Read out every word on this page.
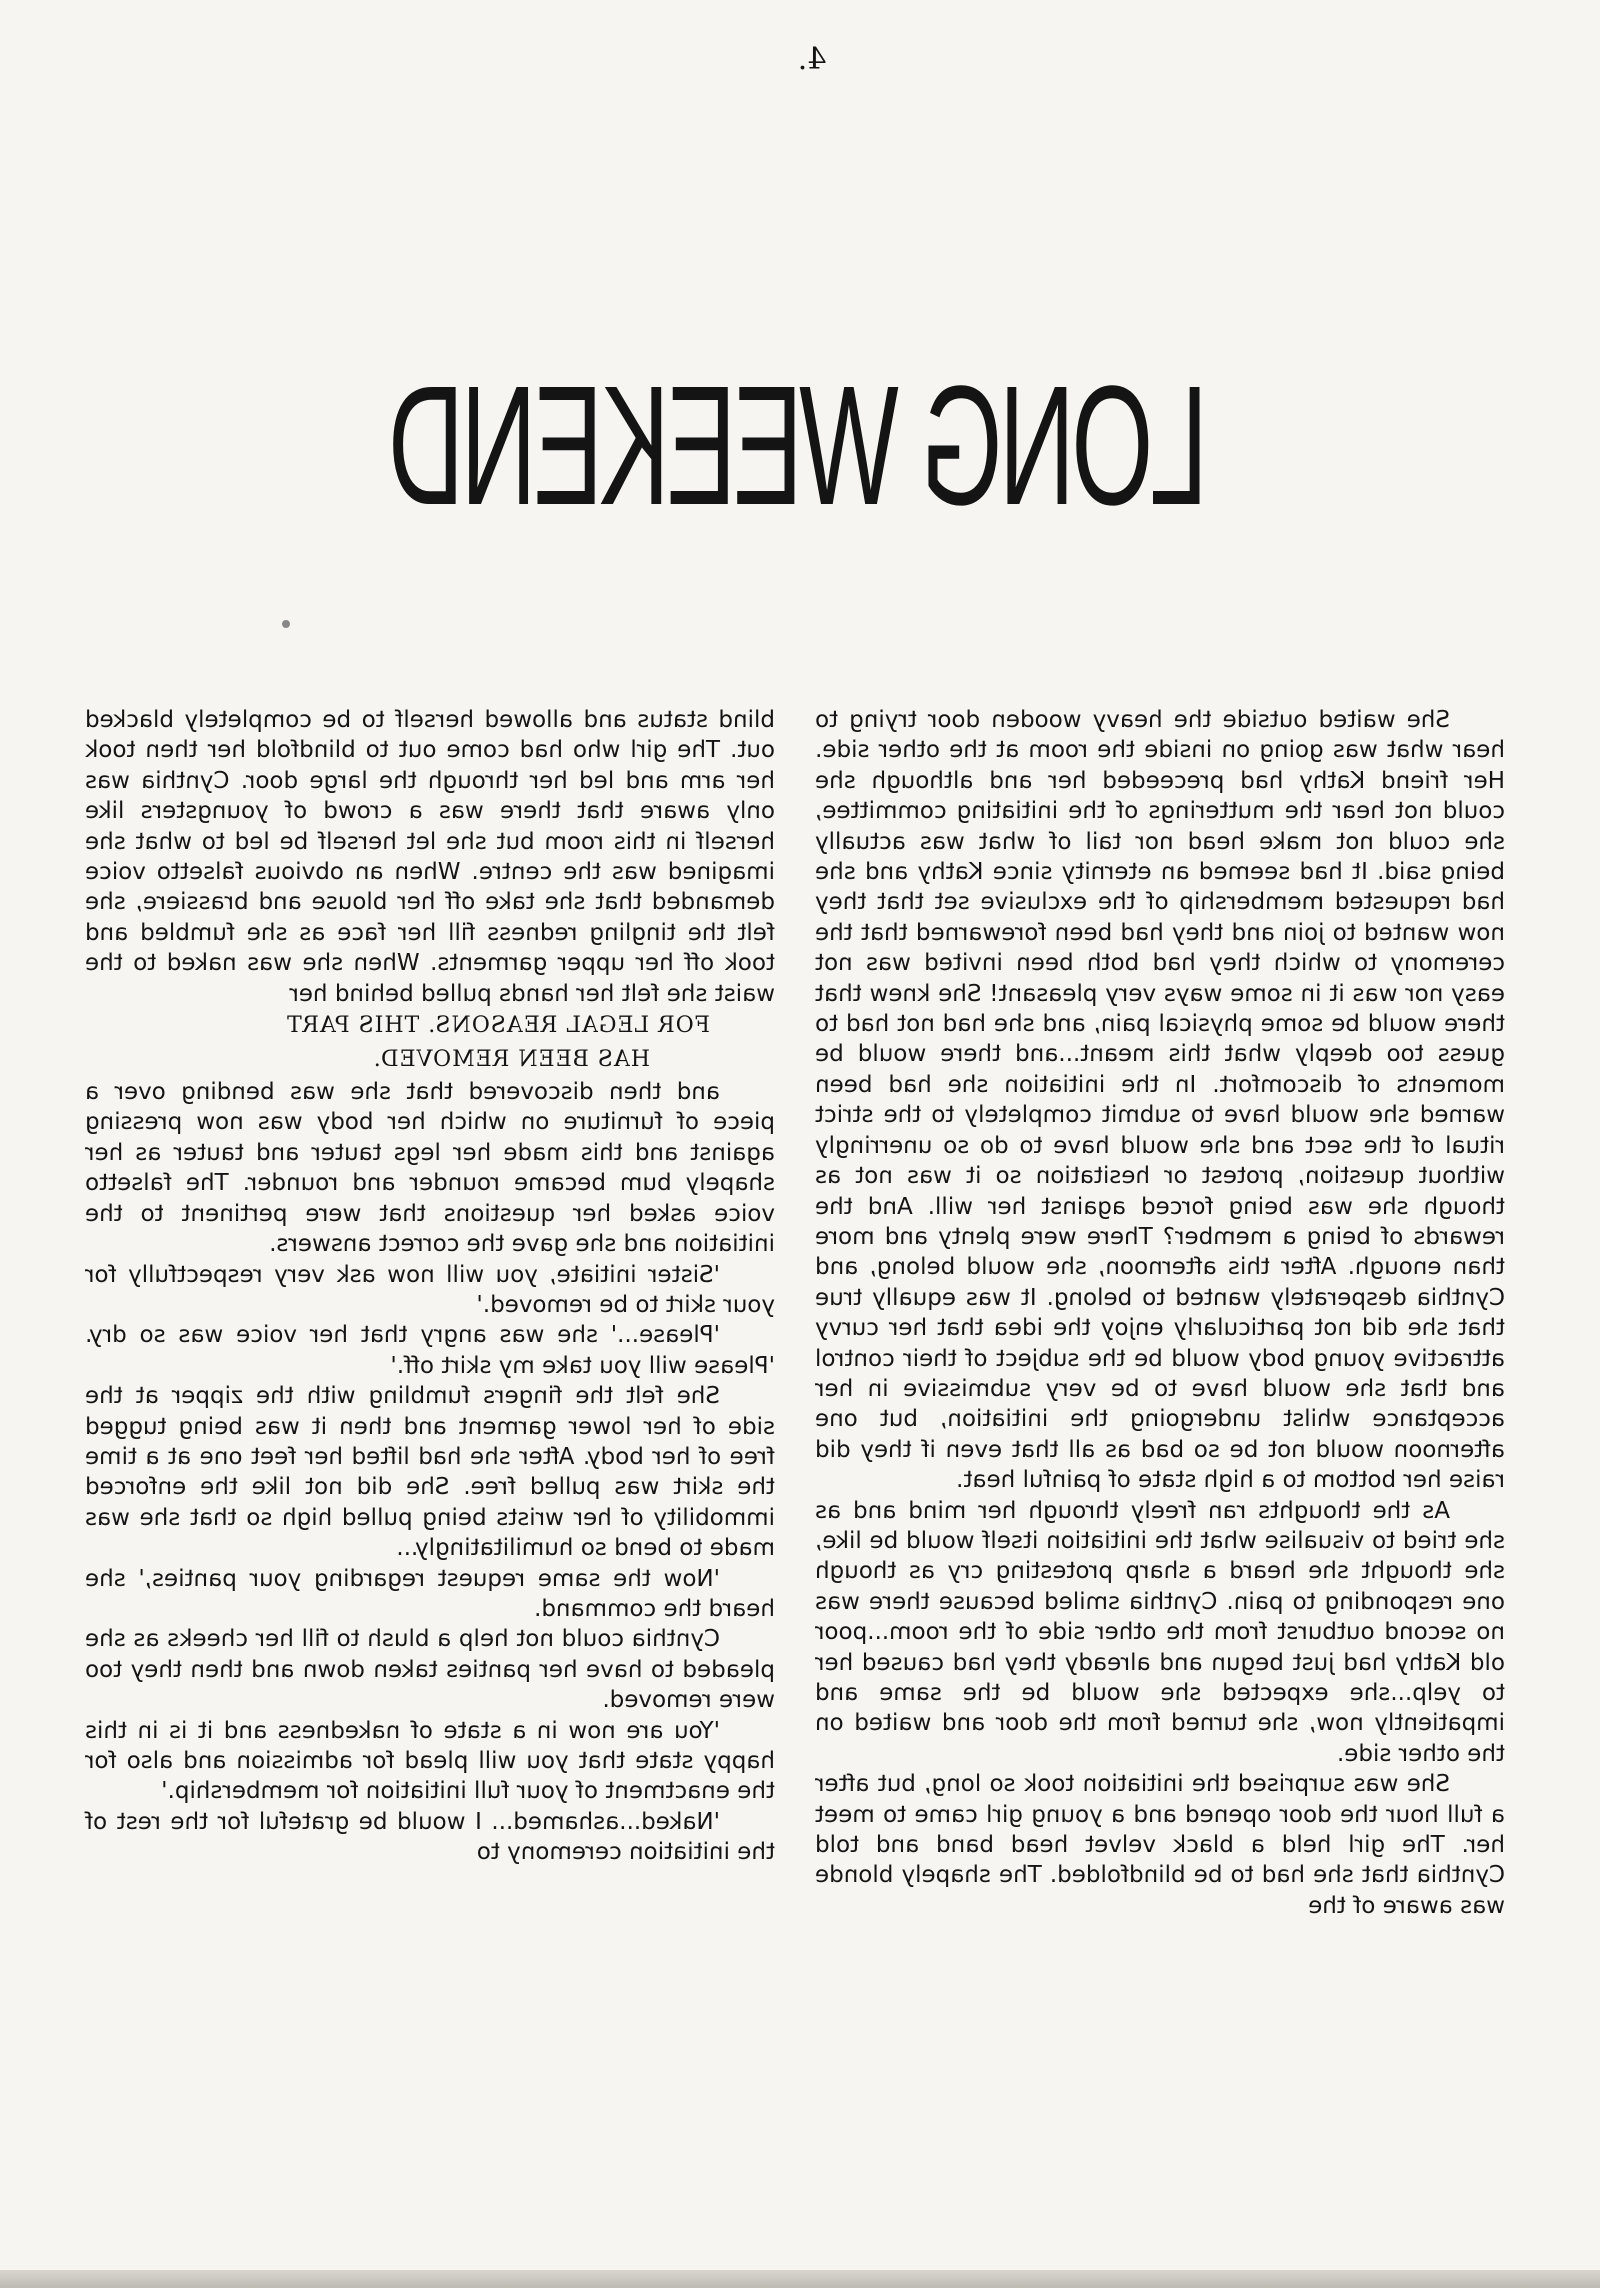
4.
LONG WEEKEND

She waited outside the heavy wooden door trying to hear what was going on inside the room at the other side. Her friend Kathy had preceeded her and although she could not hear the mutterings of the initiating committee, she could not make head nor tail of what was actually being said. It had seemed an eternity since Kathy and she had requested membership of the exclusive set that they now wanted to join and they had been forewarned that the ceremony to which they had both been invited was not easy nor was it in some ways very pleasant! She knew that there would be some physical pain, and she had not had to guess too deeply what this meant...and there would be moments of discomfort. In the initiation she had been warned she would have to submit completely to the strict ritual of the sect and she would have to do so unerringly without question, protest or hesitation so it was not as though she was being forced against her will. And the rewards of being a member? There were plenty and more than enough. After this afternoon, she would belong, and Cynthia desperately wanted to belong. It was equally true that she did not particularly enjoy the idea that her curvy attractive young body would be the subject of their control and that she would have to be very submissive in her acceptance whilst undergoing the initiation, but one afternoon would not be so bad as all that even if they did raise her bottom to a high state of painful heat.

As the thoughts ran freely through her mind and as she tried to visualise what the initiation itself would be like, she thought she heard a sharp protesting cry as though one responding to pain. Cynthia smiled because there was no second outburst from the other side of the room...poor old Kathy had just begun and already they had caused her to yelp...she expected she would be the same and impatiently now, she turned from the door and waited on the other side.

She was surprised the initiation took so long, but after a full hour the door opened and a young girl came to meet her. The girl held a black velvet head band and told Cynthia that she had to be blindfolded. The shapely blonde was aware of the

blind status and allowed herself to be completely blacked out. The girl who had come out to blindfold her then took her arm and led her through the large door. Cynthia was only aware that there was a crowd of youngsters like herself in this room but she let herself be led to what she imagined was the centre. When an obvious falsetto voice demanded that she take off her blouse and brassiere, she felt the tingling redness fill her face as she fumbled and took off her upper garments. When she was naked to the waist she felt her hands pulled behind her

FOR LEGAL REASONS. THIS PART
HAS BEEN REMOVED.

and then discovered that she was bending over a piece of furniture on which her body was now pressing against and this made her legs tauter and tauter as her shapely bum became rounder and rounder. The falsetto voice asked her questions that were pertinent to the initiation and she gave the correct answers.

'Sister initiate, you will now ask very respectfully for your skirt to be removed.'

'Please...' she was angry that her voice was so dry. 'Please will you take my skirt off.'

She felt the fingers fumbling with the zipper at the side of her lower garment and then it was being tugged free of her body. After she had lifted her feet one at a time the skirt was pulled free. She did not like the enforced immobility of her wrists being pulled high so that she was made to bend so humilitatingly...

'Now the same request regarding your panties,' she heard the command.

Cynthia could not help a blush to fill her cheeks as she pleaded to have her panties taken down and then they too were removed.

'You are now in a state of nakedness and it is in this happy state that you will plead for admission and also for the enactment of your full initiation for membership.'

'Naked...ashamed... I would be grateful for the rest of the initiation ceremony to
